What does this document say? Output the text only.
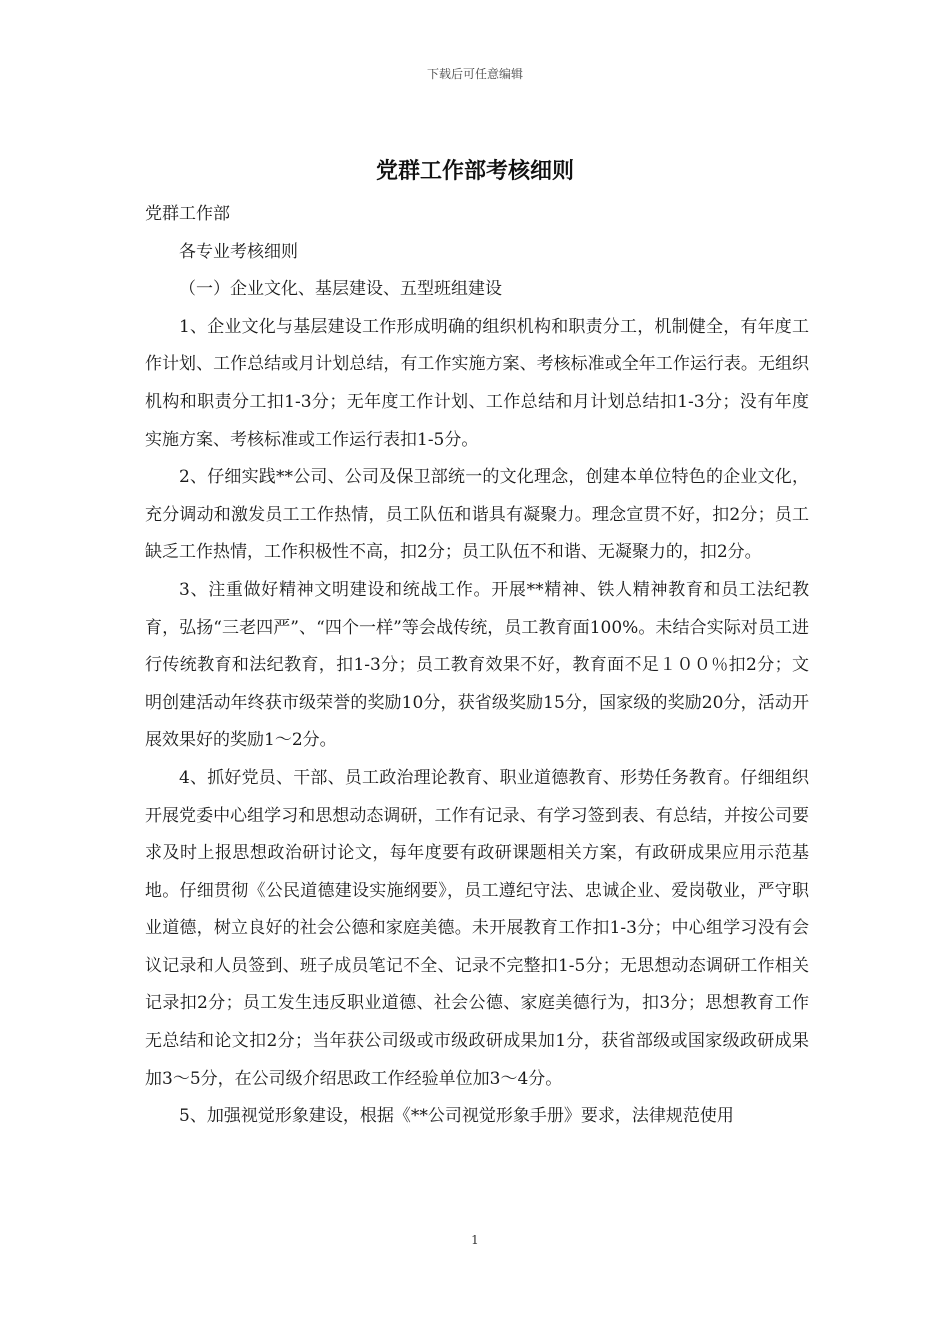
下载后可任意编辑
党群工作部考核细则

党群工作部

各专业考核细则

（一）企业文化、基层建设、五型班组建设

1、企业文化与基层建设工作形成明确的组织机构和职责分工，机制健全，有年度工作计划、工作总结或月计划总结，有工作实施方案、考核标准或全年工作运行表。无组织机构和职责分工扣1-3分；无年度工作计划、工作总结和月计划总结扣1-3分；没有年度实施方案、考核标准或工作运行表扣1-5分。

2、仔细实践**公司、公司及保卫部统一的文化理念，创建本单位特色的企业文化，充分调动和激发员工工作热情，员工队伍和谐具有凝聚力。理念宣贯不好，扣2分；员工缺乏工作热情，工作积极性不高，扣2分；员工队伍不和谐、无凝聚力的，扣2分。

3、注重做好精神文明建设和统战工作。开展**精神、铁人精神教育和员工法纪教育，弘扬“三老四严”、“四个一样”等会战传统，员工教育面100%。未结合实际对员工进行传统教育和法纪教育，扣1-3分；员工教育效果不好，教育面不足１００％扣2分；文明创建活动年终获市级荣誉的奖励10分，获省级奖励15分，国家级的奖励20分，活动开展效果好的奖励1～2分。

4、抓好党员、干部、员工政治理论教育、职业道德教育、形势任务教育。仔细组织开展党委中心组学习和思想动态调研，工作有记录、有学习签到表、有总结，并按公司要求及时上报思想政治研讨论文，每年度要有政研课题相关方案，有政研成果应用示范基地。仔细贯彻《公民道德建设实施纲要》，员工遵纪守法、忠诚企业、爱岗敬业，严守职业道德，树立良好的社会公德和家庭美德。未开展教育工作扣1-3分；中心组学习没有会议记录和人员签到、班子成员笔记不全、记录不完整扣1-5分；无思想动态调研工作相关记录扣2分；员工发生违反职业道德、社会公德、家庭美德行为，扣3分；思想教育工作无总结和论文扣2分；当年获公司级或市级政研成果加1分，获省部级或国家级政研成果加3～5分，在公司级介绍思政工作经验单位加3～4分。

5、加强视觉形象建设，根据《**公司视觉形象手册》要求，法律规范使用

1
